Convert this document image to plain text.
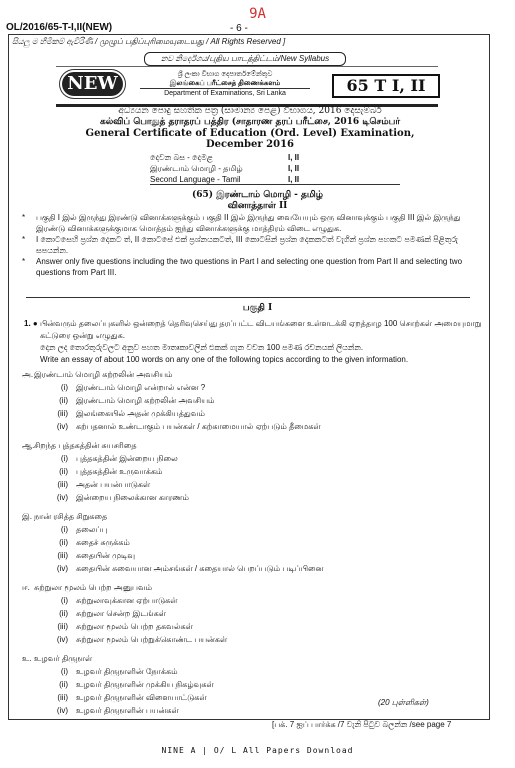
9A
OL/2016/65-T-I,II(NEW)	- 6 -
සියලු ම හිමිකම් ඇවිරිණි / முழுப் பதிப்புரிமையுடையது / All Rights Reserved ]
නව නිර්දේශය/புதிய பாடத்திட்டம்/New Syllabus
NEW	ශ්‍රී ලංකා විභාග දෙපාර්තමේන්තුව
இலங்கைப் பரீட்சைத் திணைக்களம்
Department of Examinations, Sri Lanka	65 T I, II
අධ්‍යයන පොදු සහතික පත්‍ර (සාමාන්‍ය පෙළ) විභාගය, 2016 දෙසැම්බර්
கல்விப் பொதுத் தராதரப் பத்திர (சாதாரண தரப் பரீட்சை, 2016 டிசெம்பர்
General Certificate of Education (Ord. Level) Examination, December 2016
දෙවන බස - දෙමළ	I, II
இரண்டாம் மொழி - தமிழ்	I, II
Second Language - Tamil	I, II
(65) இரண்டாம் மொழி - தமிழ்
வினாத்தாள் II
*	பகுதி I இல் இருந்து இரண்டு வினாக்களுக்கும் பகுதி II இல் இருந்து வையேயும் ஒரு வினாவுக்கும் பகுதி III இல் இருந்து இரண்டு வினாக்களுக்குமாக மொத்தம் ஐந்து வினாக்களுக்கு மாத்திரம் விடை எழுதுக.
*	I කොටසෙහි ප්‍රශ්න දෙකට ත්, II කොටසේ එක් ප්‍රශ්නයකටත්, III කොටසින් ප්‍රශ්න දෙකකටත් වැගින් ප්‍රශ්න පහකට පමණක් පිළිතුරු සපයන්න.
*	Answer only five questions including the two questions in Part I and selecting one question from Part II and selecting two questions from Part III.
பகுதி I
1. ● பின்வரும் தலைப்புகளில் ஒன்றைத் தெரிவுசெய்து தரப்பட்ட விடயங்களை உள்ளடக்கி ஏறத்தாழ 100 சொற்கள் அமையுமாறு கட்டுரை ஒன்று எழுதுக.
දෙන ලද තොරතුරුවලට අනුව පහත මාතෘකාවලින් එකක් ගැන වචන 100 පමණ රචනයක් ලියන්න.
Write an essay of about 100 words on any one of the following topics according to the given information.
அ. இரண்டாம் மொழி கற்றலின் அவசியம்
(i)	இரண்டாம் மொழி என்றால் என்ன ?
(ii)	இரண்டாம் மொழி கற்றலின் அவசியம்
(iii)	இலங்கையில் அதன் முக்கியத்துவம்
(iv)	கற்பதனால் உண்டாகும் பயன்கள் / கற்காமையால் ஏற்படும் தீமைகள்
ஆ. சிறந்த புத்தகத்தின் சுயசரிதை
(i)	புத்தகத்தின் இன்றைய நிலை
(ii)	புத்தகத்தின் உருவாக்கம்
(iii)	அதன் பயன்பாடுகள்
(iv)	இன்றைய நிலைக்கான காரணம்
இ. நான் ரசித்த சிறுகதை
(i)	தலைப்பு
(ii)	கதைச் சுருக்கம்
(iii)	கதையின் முடிவு
(iv)	கதையின் சுவையான அம்சங்கள் / கதையால் பெறப்படும் படிப்பினை
ஈ. சுற்றுலா மூலம் பெற்ற அனுபவம்
(i)	சுற்றுலாவுக்கான ஏற்பாடுகள்
(ii)	சுற்றுலா சென்ற இடங்கள்
(iii)	சுற்றுலா மூலம் பெற்ற தகவல்கள்
(iv)	சுற்றுலா மூலம் பெற்றுக்கொண்ட பயன்கள்
உ. உழவர் திருநாள்
(i)	உழவர் திருநாளின் நோக்கம்
(ii)	உழவர் திருநாளின் முக்கிய நிகழ்வுகள்
(iii)	உழவர் திருநாளின் விளையாட்டுகள்
(iv)	உழவர் திருநாளின் பயன்கள்
(20 புள்ளிகள்)
[பக். 7 ஐப் பார்க்க /7 වැනි පිටුව බලන්න /see page 7
NINE A | O/ L All Papers Download
